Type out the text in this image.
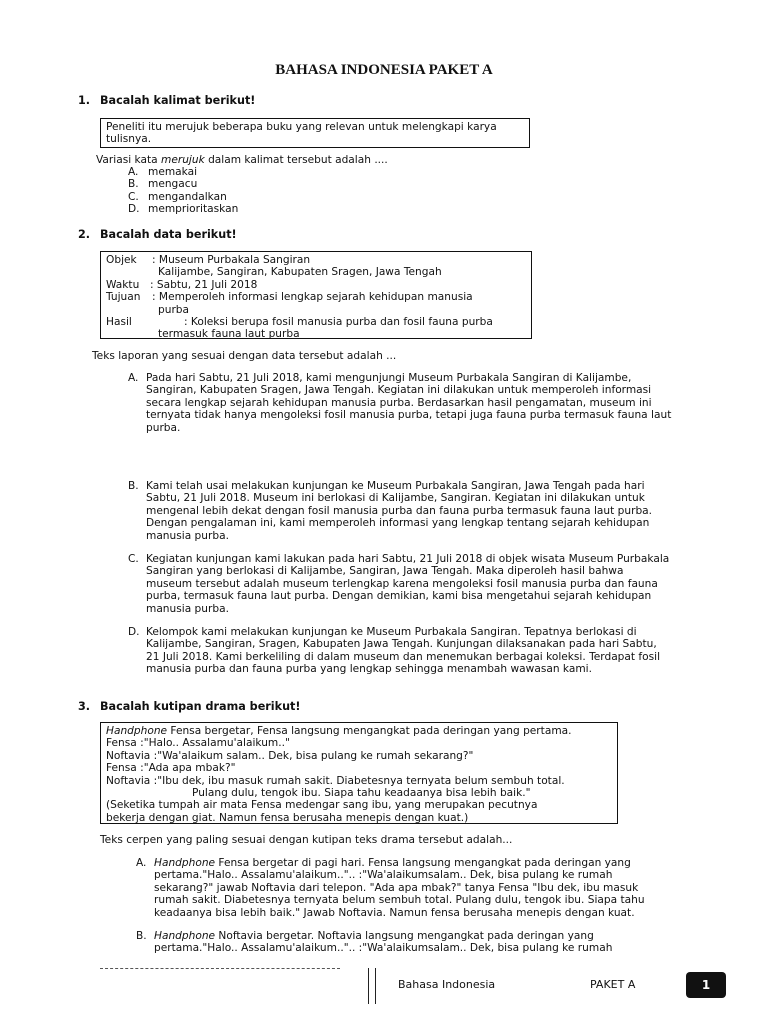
BAHASA INDONESIA PAKET A
1. Bacalah kalimat berikut!
Peneliti itu merujuk beberapa buku yang relevan untuk melengkapi karya
tulisnya.
Variasi kata merujuk dalam kalimat tersebut adalah ....
A. memakai
B. mengacu
C. mengandalkan
D. memprioritaskan
2. Bacalah data berikut!
Objek : Museum Purbakala Sangiran
Kalijambe, Sangiran, Kabupaten Sragen, Jawa Tengah
Waktu : Sabtu, 21 Juli 2018
Tujuan : Memperoleh informasi lengkap sejarah kehidupan manusia
purba
Hasil	: Koleksi berupa fosil manusia purba dan fosil fauna purba
termasuk fauna laut purba
Teks laporan yang sesuai dengan data tersebut adalah ...
A. Pada hari Sabtu, 21 Juli 2018, kami mengunjungi Museum Purbakala Sangiran di Kalijambe,
Sangiran, Kabupaten Sragen, Jawa Tengah. Kegiatan ini dilakukan untuk memperoleh informasi
secara lengkap sejarah kehidupan manusia purba. Berdasarkan hasil pengamatan, museum ini
ternyata tidak hanya mengoleksi fosil manusia purba, tetapi juga fauna purba termasuk fauna laut
purba.
B. Kami telah usai melakukan kunjungan ke Museum Purbakala Sangiran, Jawa Tengah pada hari
Sabtu, 21 Juli 2018. Museum ini berlokasi di Kalijambe, Sangiran. Kegiatan ini dilakukan untuk
mengenal lebih dekat dengan fosil manusia purba dan fauna purba termasuk fauna laut purba.
Dengan pengalaman ini, kami memperoleh informasi yang lengkap tentang sejarah kehidupan
manusia purba.
C. Kegiatan kunjungan kami lakukan pada hari Sabtu, 21 Juli 2018 di objek wisata Museum Purbakala
Sangiran yang berlokasi di Kalijambe, Sangiran, Jawa Tengah. Maka diperoleh hasil bahwa
museum tersebut adalah museum terlengkap karena mengoleksi fosil manusia purba dan fauna
purba, termasuk fauna laut purba. Dengan demikian, kami bisa mengetahui sejarah kehidupan
manusia purba.
D. Kelompok kami melakukan kunjungan ke Museum Purbakala Sangiran. Tepatnya berlokasi di
Kalijambe, Sangiran, Sragen, Kabupaten Jawa Tengah. Kunjungan dilaksanakan pada hari Sabtu,
21 Juli 2018. Kami berkeliling di dalam museum dan menemukan berbagai koleksi. Terdapat fosil
manusia purba dan fauna purba yang lengkap sehingga menambah wawasan kami.
3. Bacalah kutipan drama berikut!
Handphone Fensa bergetar, Fensa langsung mengangkat pada deringan yang pertama.
Fensa :"Halo.. Assalamu'alaikum.."
Noftavia :"Wa'alaikum salam.. Dek, bisa pulang ke rumah sekarang?"
Fensa :"Ada apa mbak?"
Noftavia :"Ibu dek, ibu masuk rumah sakit. Diabetesnya ternyata belum sembuh total.
Pulang dulu, tengok ibu. Siapa tahu keadaanya bisa lebih baik."
(Seketika tumpah air mata Fensa medengar sang ibu, yang merupakan pecutnya
bekerja dengan giat. Namun fensa berusaha menepis dengan kuat.)
Teks cerpen yang paling sesuai dengan kutipan teks drama tersebut adalah...
A. Handphone Fensa bergetar di pagi hari. Fensa langsung mengangkat pada deringan yang
pertama."Halo.. Assalamu'alaikum..".. :"Wa'alaikumsalam.. Dek, bisa pulang ke rumah
sekarang?" jawab Noftavia dari telepon. "Ada apa mbak?" tanya Fensa "Ibu dek, ibu masuk
rumah sakit. Diabetesnya ternyata belum sembuh total. Pulang dulu, tengok ibu. Siapa tahu
keadaanya bisa lebih baik." Jawab Noftavia. Namun fensa berusaha menepis dengan kuat.
B. Handphone Noftavia bergetar. Noftavia langsung mengangkat pada deringan yang
pertama."Halo.. Assalamu'alaikum..".. :"Wa'alaikumsalam.. Dek, bisa pulang ke rumah
Bahasa Indonesia	PAKET A	1
